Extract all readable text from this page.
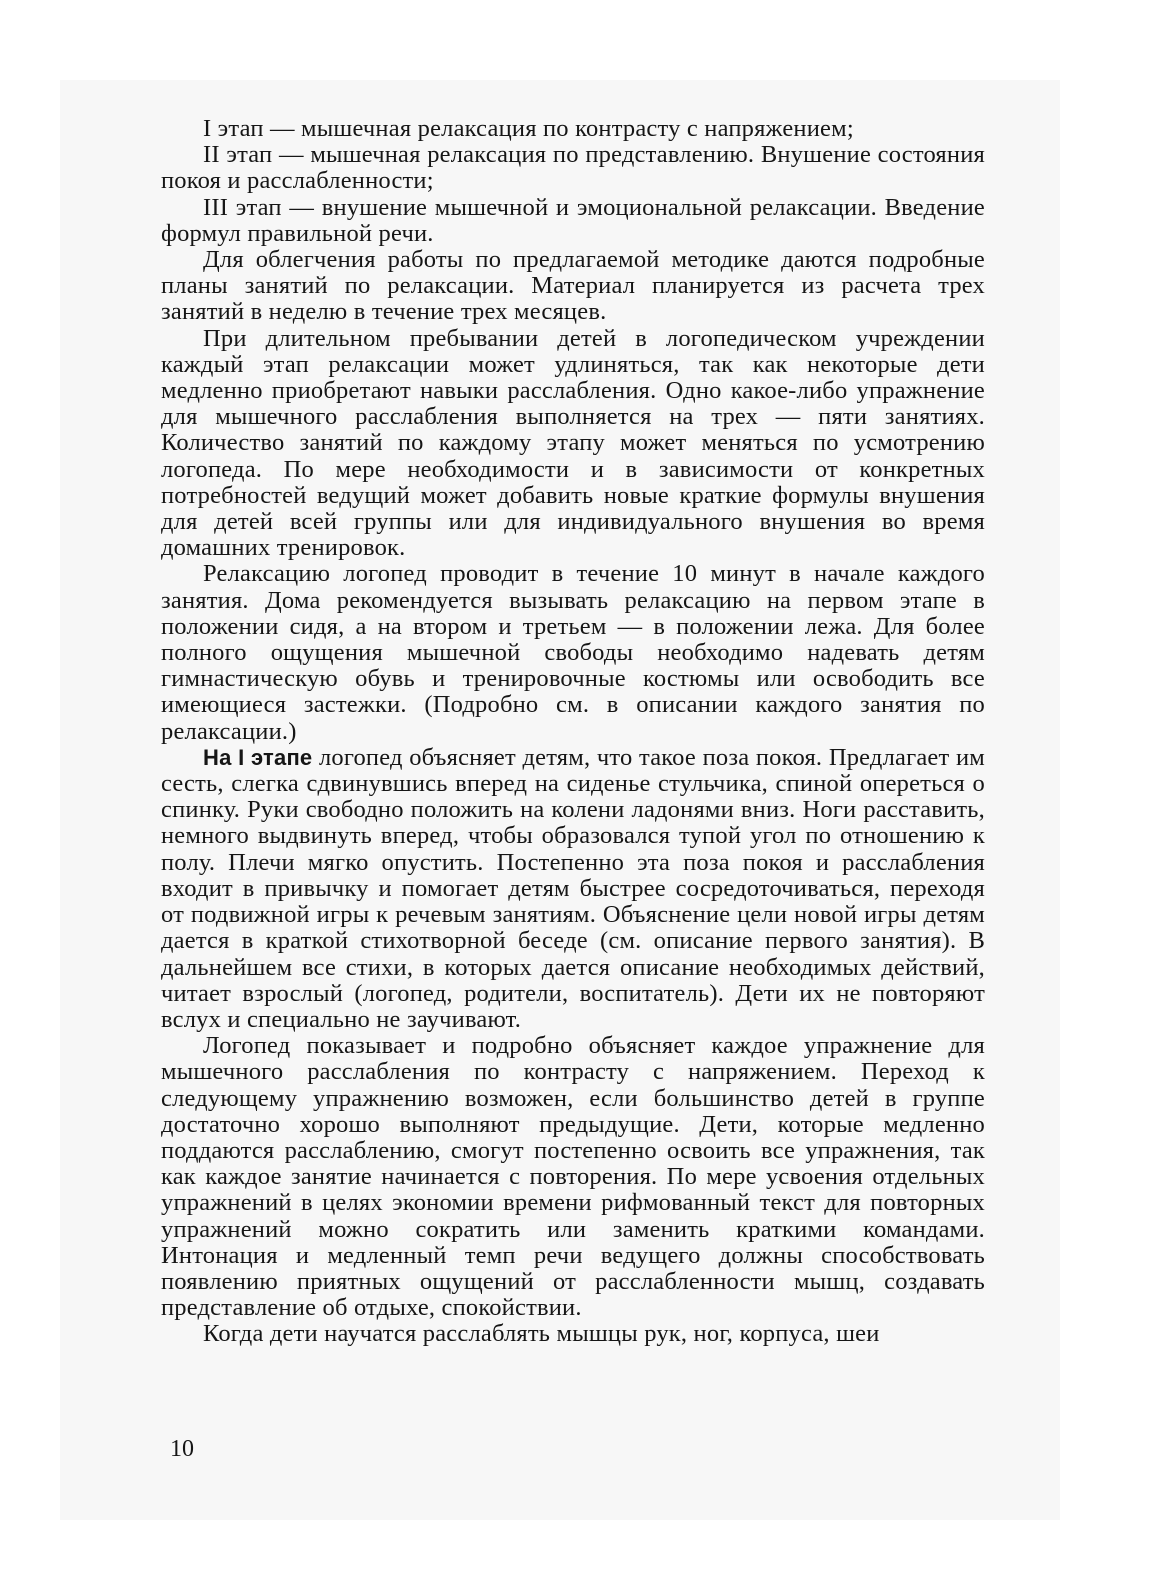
I этап — мышечная релаксация по контрасту с напряжением;

II этап — мышечная релаксация по представлению. Внушение состояния покоя и расслабленности;

III этап — внушение мышечной и эмоциональной релаксации. Введение формул правильной речи.

Для облегчения работы по предлагаемой методике даются подробные планы занятий по релаксации. Материал планируется из расчета трех занятий в неделю в течение трех месяцев.

При длительном пребывании детей в логопедическом учреждении каждый этап релаксации может удлиняться, так как некоторые дети медленно приобретают навыки расслабления. Одно какое-либо упражнение для мышечного расслабления выполняется на трех — пяти занятиях. Количество занятий по каждому этапу может меняться по усмотрению логопеда. По мере необходимости и в зависимости от конкретных потребностей ведущий может добавить новые краткие формулы внушения для детей всей группы или для индивидуального внушения во время домашних тренировок.

Релаксацию логопед проводит в течение 10 минут в начале каждого занятия. Дома рекомендуется вызывать релаксацию на первом этапе в положении сидя, а на втором и третьем — в положении лежа. Для более полного ощущения мышечной свободы необходимо надевать детям гимнастическую обувь и тренировочные костюмы или освободить все имеющиеся застежки. (Подробно см. в описании каждого занятия по релаксации.)

На I этапе логопед объясняет детям, что такое поза покоя. Предлагает им сесть, слегка сдвинувшись вперед на сиденье стульчика, спиной опереться о спинку. Руки свободно положить на колени ладонями вниз. Ноги расставить, немного выдвинуть вперед, чтобы образовался тупой угол по отношению к полу. Плечи мягко опустить. Постепенно эта поза покоя и расслабления входит в привычку и помогает детям быстрее сосредоточиваться, переходя от подвижной игры к речевым занятиям. Объяснение цели новой игры детям дается в краткой стихотворной беседе (см. описание первого занятия). В дальнейшем все стихи, в которых дается описание необходимых действий, читает взрослый (логопед, родители, воспитатель). Дети их не повторяют вслух и специально не заучивают.

Логопед показывает и подробно объясняет каждое упражнение для мышечного расслабления по контрасту с напряжением. Переход к следующему упражнению возможен, если большинство детей в группе достаточно хорошо выполняют предыдущие. Дети, которые медленно поддаются расслаблению, смогут постепенно освоить все упражнения, так как каждое занятие начинается с повторения. По мере усвоения отдельных упражнений в целях экономии времени рифмованный текст для повторных упражнений можно сократить или заменить краткими командами. Интонация и медленный темп речи ведущего должны способствовать появлению приятных ощущений от расслабленности мышц, создавать представление об отдыхе, спокойствии.

Когда дети научатся расслаблять мышцы рук, ног, корпуса, шеи

10
